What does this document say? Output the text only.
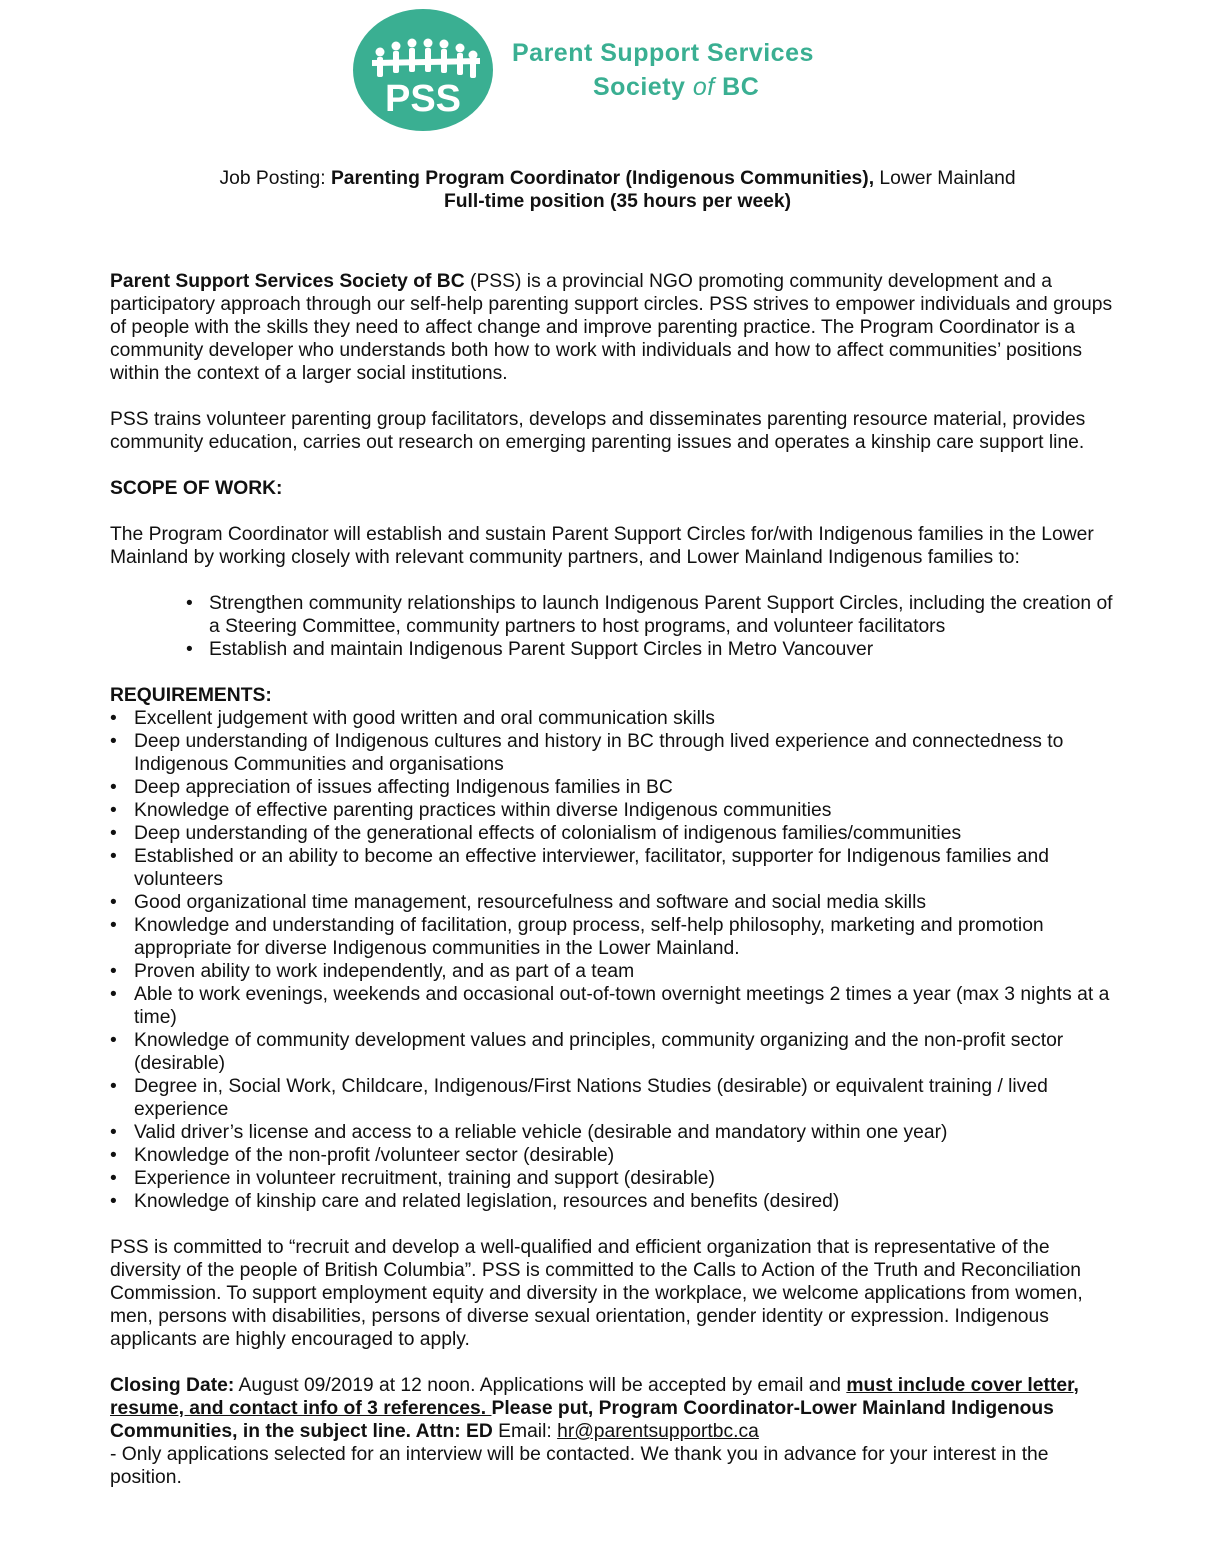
PSS
Parent Support Services
Society of BC

Job Posting: Parenting Program Coordinator (Indigenous Communities), Lower Mainland

Full-time position (35 hours per week)

Parent Support Services Society of BC (PSS) is a provincial NGO promoting community development and a participatory approach through our self-help parenting support circles. PSS strives to empower individuals and groups of people with the skills they need to affect change and improve parenting practice. The Program Coordinator is a community developer who understands both how to work with individuals and how to affect communities’ positions within the context of a larger social institutions.

PSS trains volunteer parenting group facilitators, develops and disseminates parenting resource material, provides community education, carries out research on emerging parenting issues and operates a kinship care support line.

SCOPE OF WORK:

The Program Coordinator will establish and sustain Parent Support Circles for/with Indigenous families in the Lower Mainland by working closely with relevant community partners, and Lower Mainland Indigenous families to:

• Strengthen community relationships to launch Indigenous Parent Support Circles, including the creation of a Steering Committee, community partners to host programs, and volunteer facilitators
• Establish and maintain Indigenous Parent Support Circles in Metro Vancouver

REQUIREMENTS:

• Excellent judgement with good written and oral communication skills
• Deep understanding of Indigenous cultures and history in BC through lived experience and connectedness to Indigenous Communities and organisations
• Deep appreciation of issues affecting Indigenous families in BC
• Knowledge of effective parenting practices within diverse Indigenous communities
• Deep understanding of the generational effects of colonialism of indigenous families/communities
• Established or an ability to become an effective interviewer, facilitator, supporter for Indigenous families and volunteers
• Good organizational time management, resourcefulness and software and social media skills
• Knowledge and understanding of facilitation, group process, self-help philosophy, marketing and promotion appropriate for diverse Indigenous communities in the Lower Mainland.
• Proven ability to work independently, and as part of a team
• Able to work evenings, weekends and occasional out-of-town overnight meetings 2 times a year (max 3 nights at a time)
• Knowledge of community development values and principles, community organizing and the non-profit sector (desirable)
• Degree in, Social Work, Childcare, Indigenous/First Nations Studies (desirable) or equivalent training / lived experience
• Valid driver’s license and access to a reliable vehicle (desirable and mandatory within one year)
• Knowledge of the non-profit /volunteer sector (desirable)
• Experience in volunteer recruitment, training and support (desirable)
• Knowledge of kinship care and related legislation, resources and benefits (desired)

PSS is committed to “recruit and develop a well-qualified and efficient organization that is representative of the diversity of the people of British Columbia”. PSS is committed to the Calls to Action of the Truth and Reconciliation Commission. To support employment equity and diversity in the workplace, we welcome applications from women, men, persons with disabilities, persons of diverse sexual orientation, gender identity or expression. Indigenous applicants are highly encouraged to apply.

Closing Date: August 09/2019 at 12 noon. Applications will be accepted by email and must include cover letter, resume, and contact info of 3 references. Please put, Program Coordinator-Lower Mainland Indigenous Communities, in the subject line. Attn: ED Email: hr@parentsupportbc.ca

- Only applications selected for an interview will be contacted. We thank you in advance for your interest in the position.
